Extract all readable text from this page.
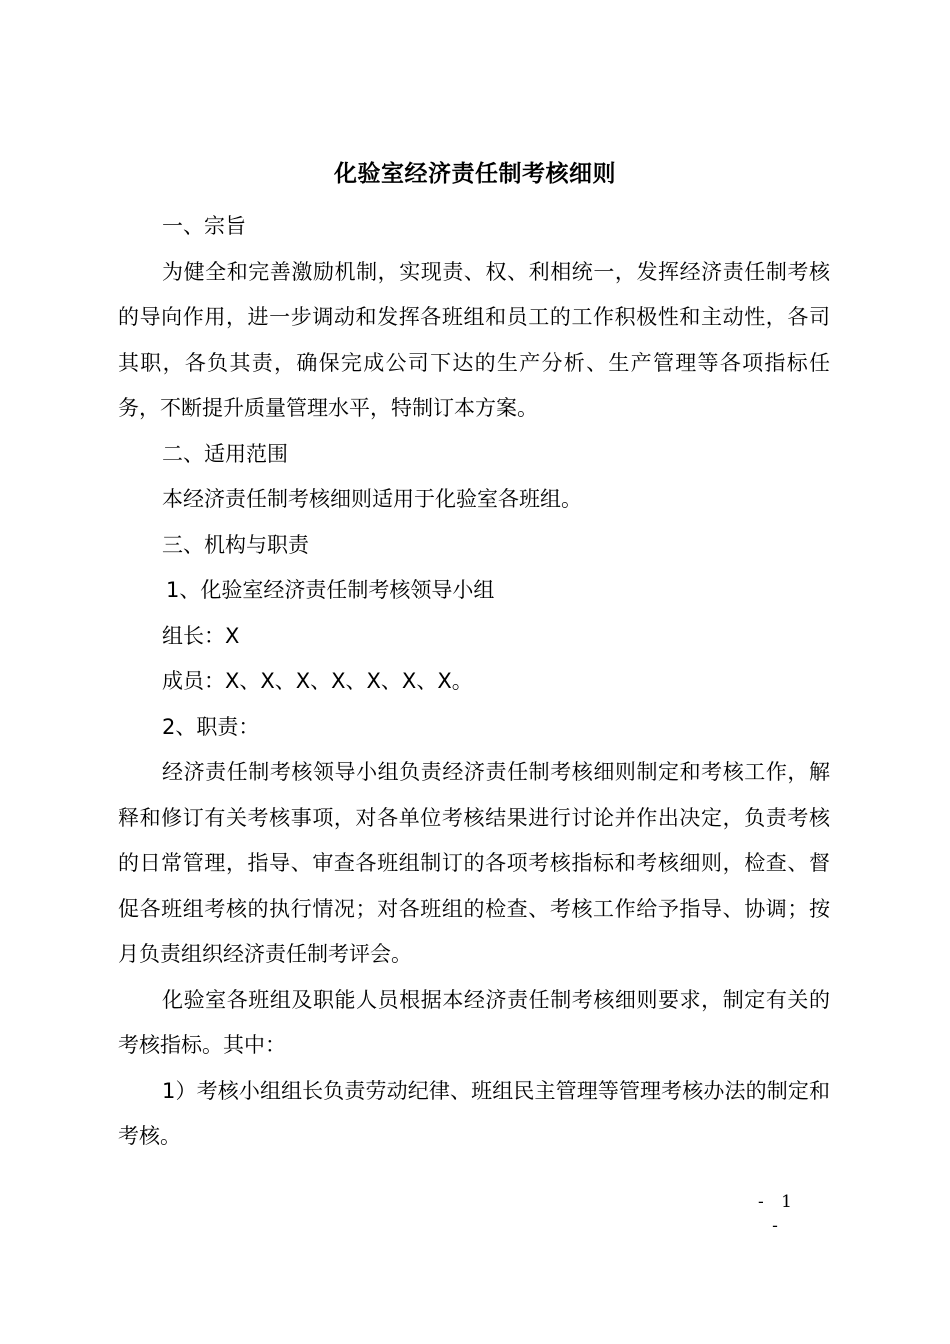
化验室经济责任制考核细则

一、宗旨

为健全和完善激励机制，实现责、权、利相统一，发挥经济责任制考核的导向作用，进一步调动和发挥各班组和员工的工作积极性和主动性，各司其职，各负其责，确保完成公司下达的生产分析、生产管理等各项指标任务，不断提升质量管理水平，特制订本方案。

二、适用范围

本经济责任制考核细则适用于化验室各班组。

三、机构与职责

1、化验室经济责任制考核领导小组

组长：X

成员：X、X、X、X、X、X、X。

2、职责：

经济责任制考核领导小组负责经济责任制考核细则制定和考核工作，解释和修订有关考核事项，对各单位考核结果进行讨论并作出决定，负责考核的日常管理，指导、审查各班组制订的各项考核指标和考核细则，检查、督促各班组考核的执行情况；对各班组的检查、考核工作给予指导、协调；按月负责组织经济责任制考评会。

化验室各班组及职能人员根据本经济责任制考核细则要求，制定有关的考核指标。其中：

1）考核小组组长负责劳动纪律、班组民主管理等管理考核办法的制定和考核。

- 1 -
